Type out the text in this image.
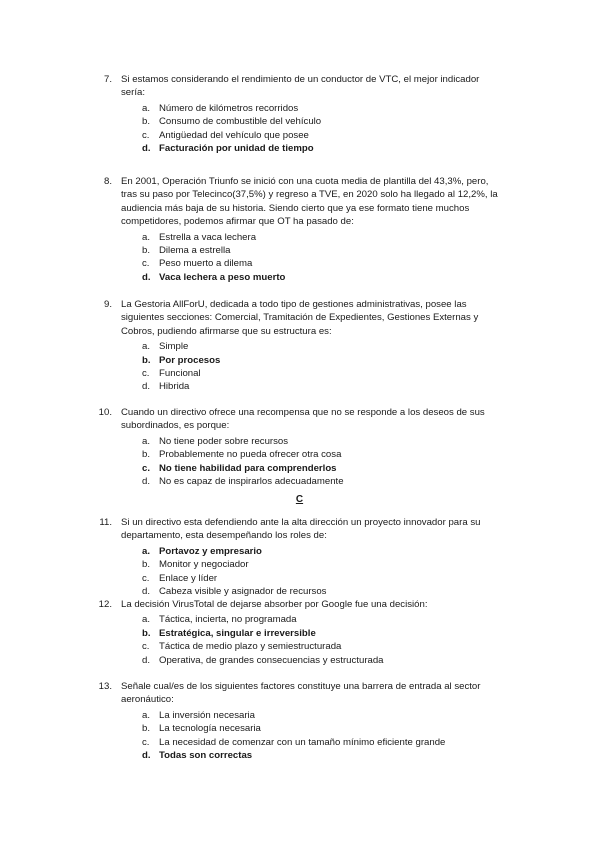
C
7. Si estamos considerando el rendimiento de un conductor de VTC, el mejor indicador
sería:
a. Número de kilómetros recorridos
b. Consumo de combustible del vehículo
c. Antigüedad del vehículo que posee
d. Facturación por unidad de tiempo
8. En 2001, Operación Triunfo se inició con una cuota media de plantilla del 43,3%, pero,
tras su paso por Telecinco(37,5%) y regreso a TVE, en 2020 solo ha llegado al 12,2%, la
audiencia más baja de su historia. Siendo cierto que ya ese formato tiene muchos
competidores, podemos afirmar que OT ha pasado de:
a. Estrella a vaca lechera
b. Dilema a estrella
c. Peso muerto a dilema
d. Vaca lechera a peso muerto
9. La Gestoria AllForU, dedicada a todo tipo de gestiones administrativas, posee las
siguientes secciones: Comercial, Tramitación de Expedientes, Gestiones Externas y
Cobros, pudiendo afirmarse que su estructura es:
a. Simple
b. Por procesos
c. Funcional
d. Hibrida
10. Cuando un directivo ofrece una recompensa que no se responde a los deseos de sus
subordinados, es porque:
a. No tiene poder sobre recursos
b. Probablemente no pueda ofrecer otra cosa
c. No tiene habilidad para comprenderlos
d. No es capaz de inspirarlos adecuadamente
11. Si un directivo esta defendiendo ante la alta dirección un proyecto innovador para su
departamento, esta desempeñando los roles de:
a. Portavoz y empresario
b. Monitor y negociador
c. Enlace y líder
d. Cabeza visible y asignador de recursos
12. La decisión VirusTotal de dejarse absorber por Google fue una decisión:
a. Táctica, incierta, no programada
b. Estratégica, singular e irreversible
c. Táctica de medio plazo y semiestructurada
d. Operativa, de grandes consecuencias y estructurada
13. Señale cual/es de los siguientes factores constituye una barrera de entrada al sector
aeronáutico:
a. La inversión necesaria
b. La tecnología necesaria
c. La necesidad de comenzar con un tamaño mínimo eficiente grande
d. Todas son correctas
